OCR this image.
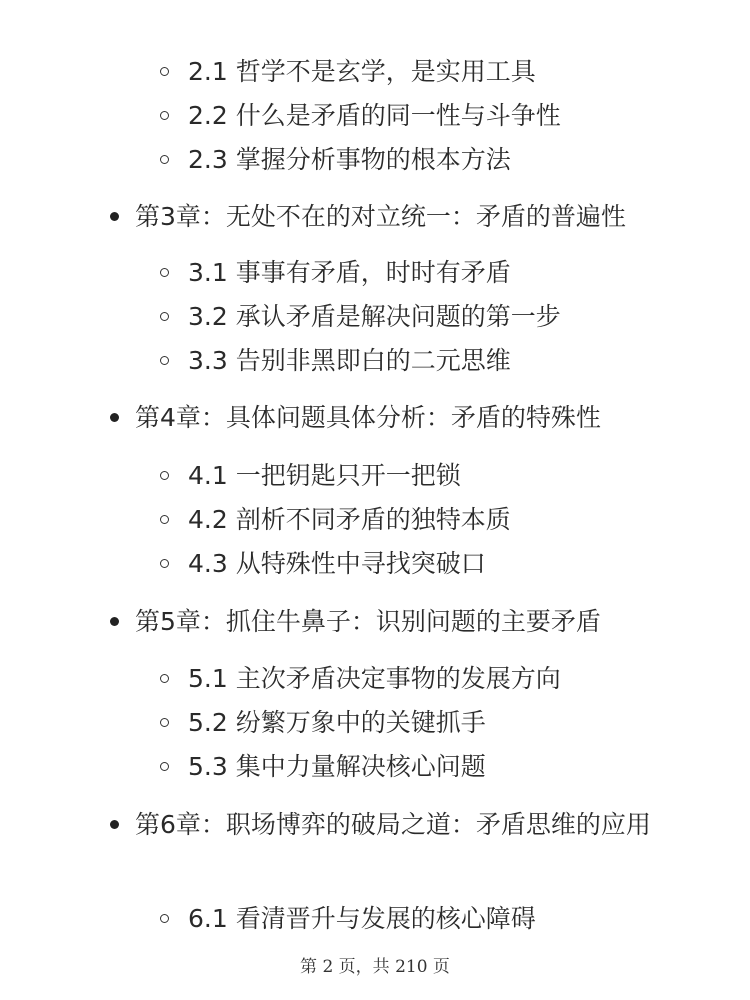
2.1 哲学不是玄学，是实用工具
2.2 什么是矛盾的同一性与斗争性
2.3 掌握分析事物的根本方法
第3章：无处不在的对立统一：矛盾的普遍性
3.1 事事有矛盾，时时有矛盾
3.2 承认矛盾是解决问题的第一步
3.3 告别非黑即白的二元思维
第4章：具体问题具体分析：矛盾的特殊性
4.1 一把钥匙只开一把锁
4.2 剖析不同矛盾的独特本质
4.3 从特殊性中寻找突破口
第5章：抓住牛鼻子：识别问题的主要矛盾
5.1 主次矛盾决定事物的发展方向
5.2 纷繁万象中的关键抓手
5.3 集中力量解决核心问题
第6章：职场博弈的破局之道：矛盾思维的应用
6.1 看清晋升与发展的核心障碍
第 2 页，共 210 页
